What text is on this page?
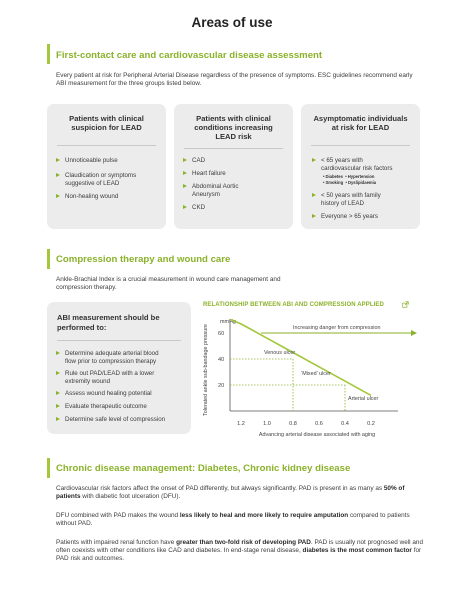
Areas of use
First-contact care and cardiovascular disease assessment
Every patient at risk for Peripheral Arterial Disease regardless of the presence of symptoms. ESC guidelines recommend early ABI measurement for the three groups listed below.
Patients with clinical
suspicion for LEAD
Unnoticeable pulse
Claudication or symptoms
suggestive of LEAD
Non-healing wound
Patients with clinical
conditions increasing
LEAD risk
CAD
Heart failure
Abdominal Aortic
Aneurysm
CKD
Asymptomatic individuals
at risk for LEAD
< 65 years with
cardiovascular risk factors
•Diabetes •Hypertension
•Smoking •Dyslipidaemia
< 50 years with family
history of LEAD
Everyone > 65 years
Compression therapy and wound care
Ankle-Brachial Index is a crucial measurement in wound care management and compression therapy.
ABI measurement should be
performed to:
Determine adequate arterial blood
flow prior to compression therapy
Rule out PAD/LEAD with a lower
extremity wound
Assess wound healing potential
Evaluate therapeutic outcome
Determine safe level of compression
RELATIONSHIP BETWEEN ABI AND COMPRESSION APPLIED
Tolerated ankle sub-bandage pressure
mmHg
Increasing danger from compression
60
40
20
1.2	1.0	0.8	0.6	0.4	0.2
Venous ulcer
‘Mixed’ ulcer
Arterial ulcer
Advancing arterial disease associated with aging
Chronic disease management: Diabetes, Chronic kidney disease
Cardiovascular risk factors affect the onset of PAD differently, but always significantly. PAD is present in as many as 50% of patients with diabetic foot ulceration (DFU).
DFU combined with PAD makes the wound less likely to heal and more likely to require amputation compared to patients without PAD.
Patients with impaired renal function have greater than two-fold risk of developing PAD. PAD is usually not prognosed well and often coexists with other conditions like CAD and diabetes. In end-stage renal disease, diabetes is the most common factor for PAD risk and outcomes.
